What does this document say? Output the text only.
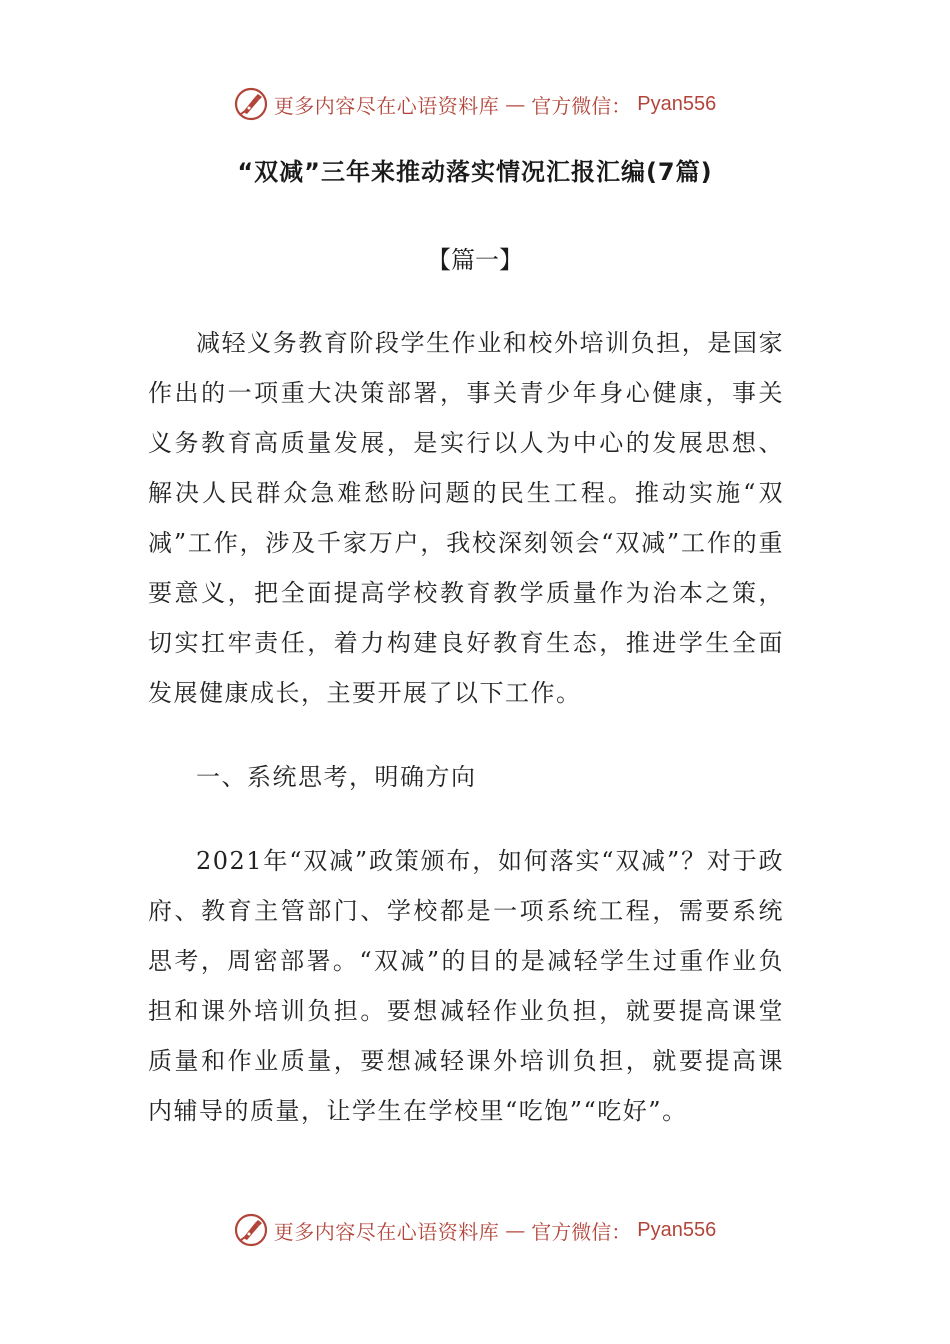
更多内容尽在心语资料库 — 官方微信： Pyan556
“双减”三年来推动落实情况汇报汇编(7篇)
【篇一】

减轻义务教育阶段学生作业和校外培训负担，是国家作出的一项重大决策部署，事关青少年身心健康，事关义务教育高质量发展，是实行以人为中心的发展思想、解决人民群众急难愁盼问题的民生工程。推动实施“双减”工作，涉及千家万户，我校深刻领会“双减”工作的重要意义，把全面提高学校教育教学质量作为治本之策，切实扛牢责任，着力构建良好教育生态，推进学生全面发展健康成长，主要开展了以下工作。

一、系统思考，明确方向

2021年“双减”政策颁布，如何落实“双减”？对于政府、教育主管部门、学校都是一项系统工程，需要系统思考，周密部署。“双减”的目的是减轻学生过重作业负担和课外培训负担。要想减轻作业负担，就要提高课堂质量和作业质量，要想减轻课外培训负担，就要提高课内辅导的质量，让学生在学校里“吃饱”“吃好”。

更多内容尽在心语资料库 — 官方微信： Pyan556
